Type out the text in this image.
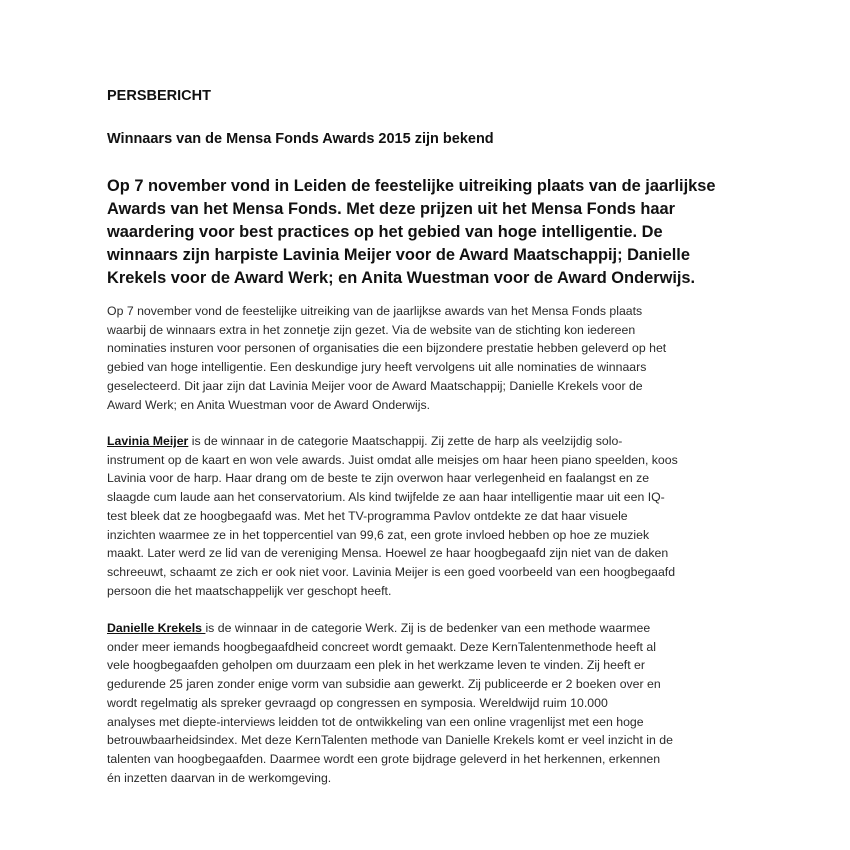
PERSBERICHT
Winnaars van de Mensa Fonds Awards 2015 zijn bekend
Op 7 november vond in Leiden de feestelijke uitreiking plaats van de jaarlijkse
Awards van het Mensa Fonds. Met deze prijzen uit het Mensa Fonds haar
waardering voor best practices op het gebied van hoge intelligentie. De
winnaars zijn harpiste Lavinia Meijer voor de Award Maatschappij; Danielle
Krekels voor de Award Werk; en Anita Wuestman voor de Award Onderwijs.
Op 7 november vond de feestelijke uitreiking van de jaarlijkse awards van het Mensa Fonds plaats
waarbij de winnaars extra in het zonnetje zijn gezet. Via de website van de stichting kon iedereen
nominaties insturen voor personen of organisaties die een bijzondere prestatie hebben geleverd op het
gebied van hoge intelligentie. Een deskundige jury heeft vervolgens uit alle nominaties de winnaars
geselecteerd. Dit jaar zijn dat Lavinia Meijer voor de Award Maatschappij; Danielle Krekels voor de
Award Werk; en Anita Wuestman voor de Award Onderwijs.
Lavinia Meijer is de winnaar in de categorie Maatschappij. Zij zette de harp als veelzijdig solo-
instrument op de kaart en won vele awards. Juist omdat alle meisjes om haar heen piano speelden, koos
Lavinia voor de harp. Haar drang om de beste te zijn overwon haar verlegenheid en faalangst en ze
slaagde cum laude aan het conservatorium. Als kind twijfelde ze aan haar intelligentie maar uit een IQ-
test bleek dat ze hoogbegaafd was. Met het TV-programma Pavlov ontdekte ze dat haar visuele
inzichten waarmee ze in het toppercentiel van 99,6 zat, een grote invloed hebben op hoe ze muziek
maakt. Later werd ze lid van de vereniging Mensa. Hoewel ze haar hoogbegaafd zijn niet van de daken
schreeuwt, schaamt ze zich er ook niet voor. Lavinia Meijer is een goed voorbeeld van een hoogbegaafd
persoon die het maatschappelijk ver geschopt heeft.
Danielle Krekels is de winnaar in de categorie Werk. Zij is de bedenker van een methode waarmee
onder meer iemands hoogbegaafdheid concreet wordt gemaakt. Deze KernTalentenmethode heeft al
vele hoogbegaafden geholpen om duurzaam een plek in het werkzame leven te vinden. Zij heeft er
gedurende 25 jaren zonder enige vorm van subsidie aan gewerkt. Zij publiceerde er 2 boeken over en
wordt regelmatig als spreker gevraagd op congressen en symposia. Wereldwijd ruim 10.000
analyses met diepte-interviews leidden tot de ontwikkeling van een online vragenlijst met een hoge
betrouwbaarheidsindex. Met deze KernTalenten methode van Danielle Krekels komt er veel inzicht in de
talenten van hoogbegaafden. Daarmee wordt een grote bijdrage geleverd in het herkennen, erkennen
én inzetten daarvan in de werkomgeving.
